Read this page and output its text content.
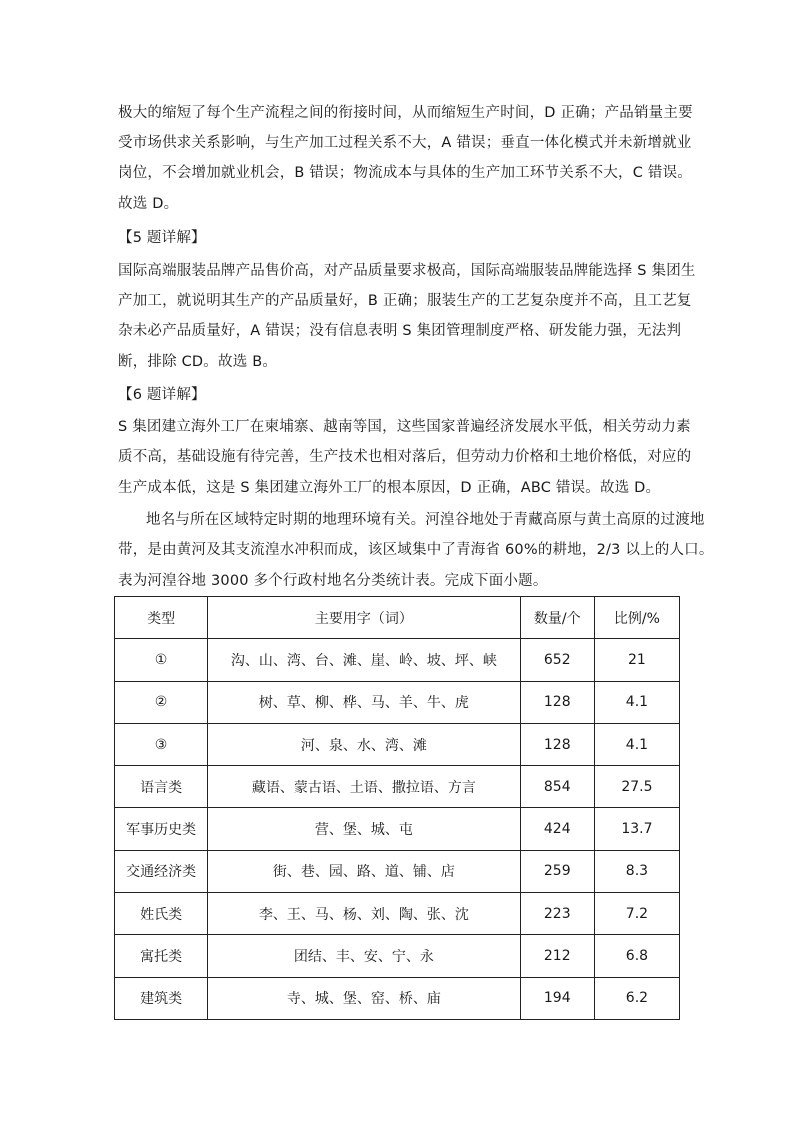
极大的缩短了每个生产流程之间的衔接时间，从而缩短生产时间，D 正确；产品销量主要
受市场供求关系影响，与生产加工过程关系不大，A 错误；垂直一体化模式并未新增就业
岗位，不会增加就业机会，B 错误；物流成本与具体的生产加工环节关系不大，C 错误。
故选 D。
【5 题详解】
国际高端服装品牌产品售价高，对产品质量要求极高，国际高端服装品牌能选择 S 集团生
产加工，就说明其生产的产品质量好，B 正确；服装生产的工艺复杂度并不高，且工艺复
杂未必产品质量好，A 错误；没有信息表明 S 集团管理制度严格、研发能力强，无法判
断，排除 CD。故选 B。
【6 题详解】
S 集团建立海外工厂在柬埔寨、越南等国，这些国家普遍经济发展水平低，相关劳动力素
质不高，基础设施有待完善，生产技术也相对落后，但劳动力价格和土地价格低，对应的
生产成本低，这是 S 集团建立海外工厂的根本原因，D 正确，ABC 错误。故选 D。
地名与所在区域特定时期的地理环境有关。河湟谷地处于青藏高原与黄土高原的过渡地
带，是由黄河及其支流湟水冲积而成，该区域集中了青海省 60%的耕地，2/3 以上的人口。
表为河湟谷地 3000 多个行政村地名分类统计表。完成下面小题。
类型	主要用字（词）	数量/个	比例/%
①	沟、山、湾、台、滩、崖、岭、坡、坪、峡	652	21
②	树、草、柳、桦、马、羊、牛、虎	128	4.1
③	河、泉、水、湾、滩	128	4.1
语言类	藏语、蒙古语、土语、撒拉语、方言	854	27.5
军事历史类	营、堡、城、屯	424	13.7
交通经济类	街、巷、园、路、道、铺、店	259	8.3
姓氏类	李、王、马、杨、刘、陶、张、沈	223	7.2
寓托类	团结、丰、安、宁、永	212	6.8
建筑类	寺、城、堡、窑、桥、庙	194	6.2
